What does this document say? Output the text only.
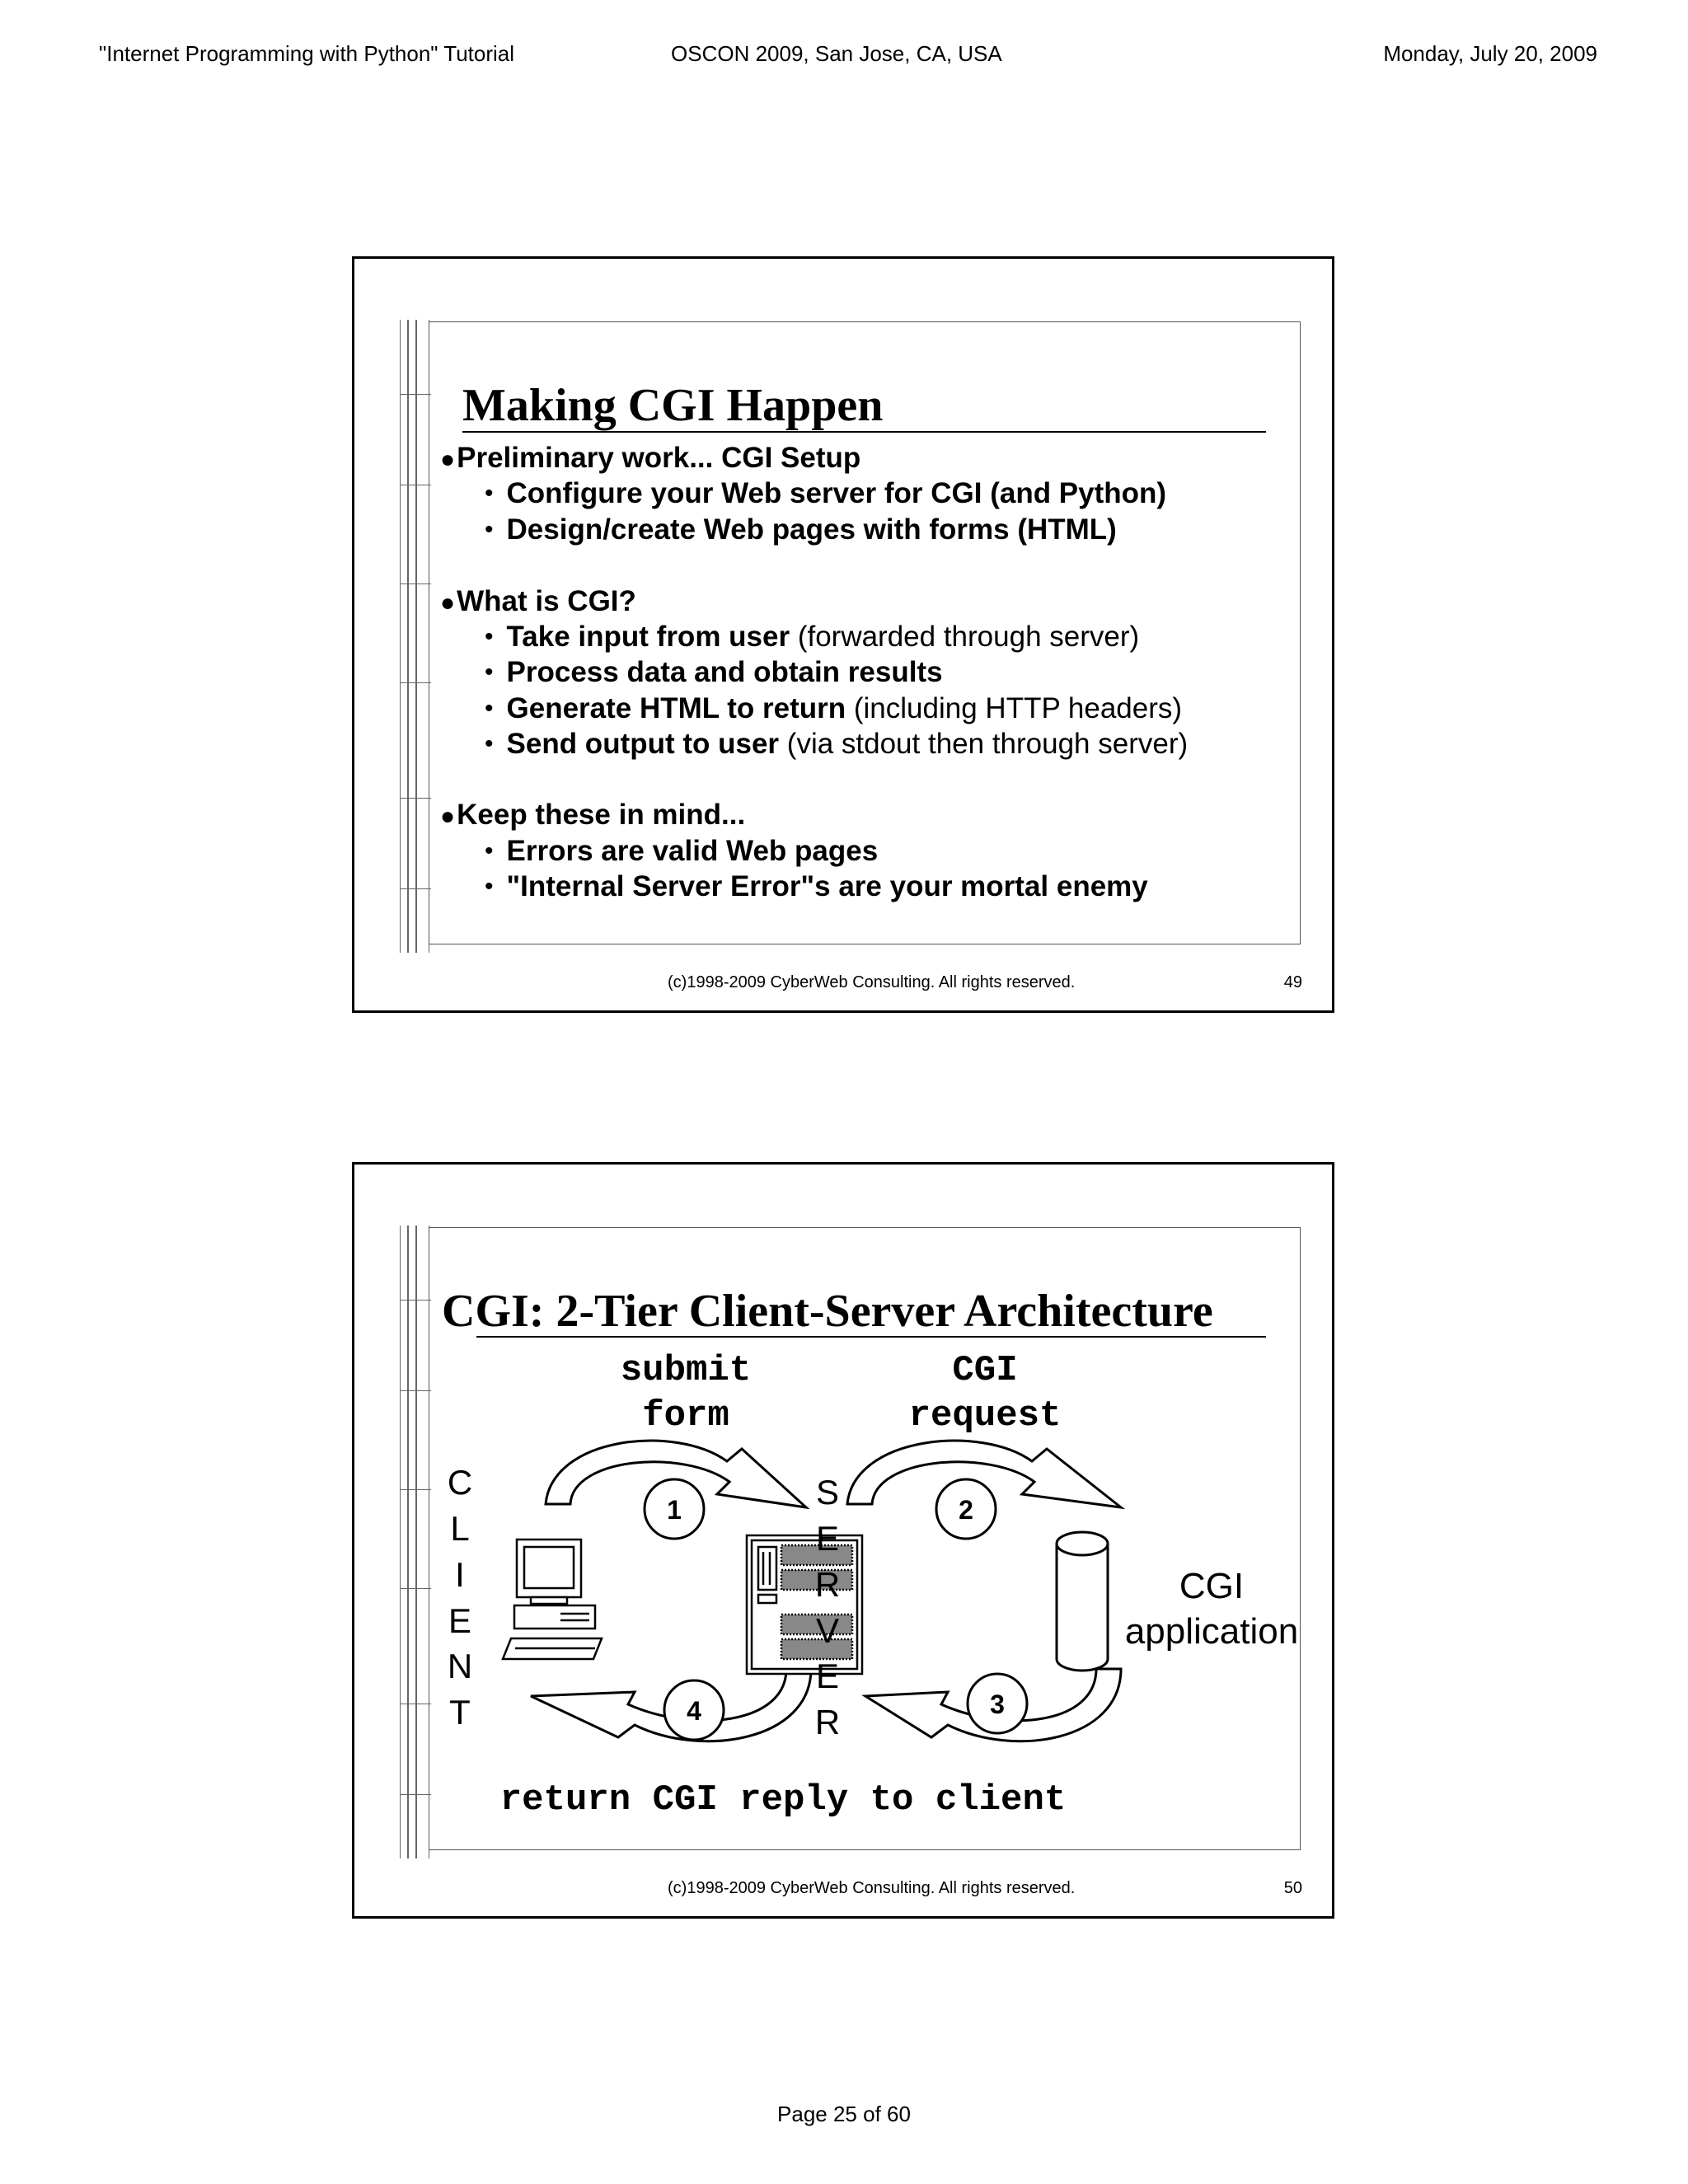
"Internet Programming with Python" Tutorial	OSCON 2009, San Jose, CA, USA	Monday, July 20, 2009
Making CGI Happen
● Preliminary work... CGI Setup
• Configure your Web server for CGI (and Python)
• Design/create Web pages with forms (HTML)
● What is CGI?
• Take input from user (forwarded through server)
• Process data and obtain results
• Generate HTML to return (including HTTP headers)
• Send output to user (via stdout then through server)
● Keep these in mind...
• Errors are valid Web pages
• "Internal Server Error"s are your mortal enemy
(c)1998-2009 CyberWeb Consulting. All rights reserved.	49
CGI: 2-Tier Client-Server Architecture
submit
form
CGI
request
C
L
I
E
N
T
1	2
3
4
S
E
R
V
E
R
CGI
application
return CGI reply to client
(c)1998-2009 CyberWeb Consulting. All rights reserved.	50
Page 25 of 60
